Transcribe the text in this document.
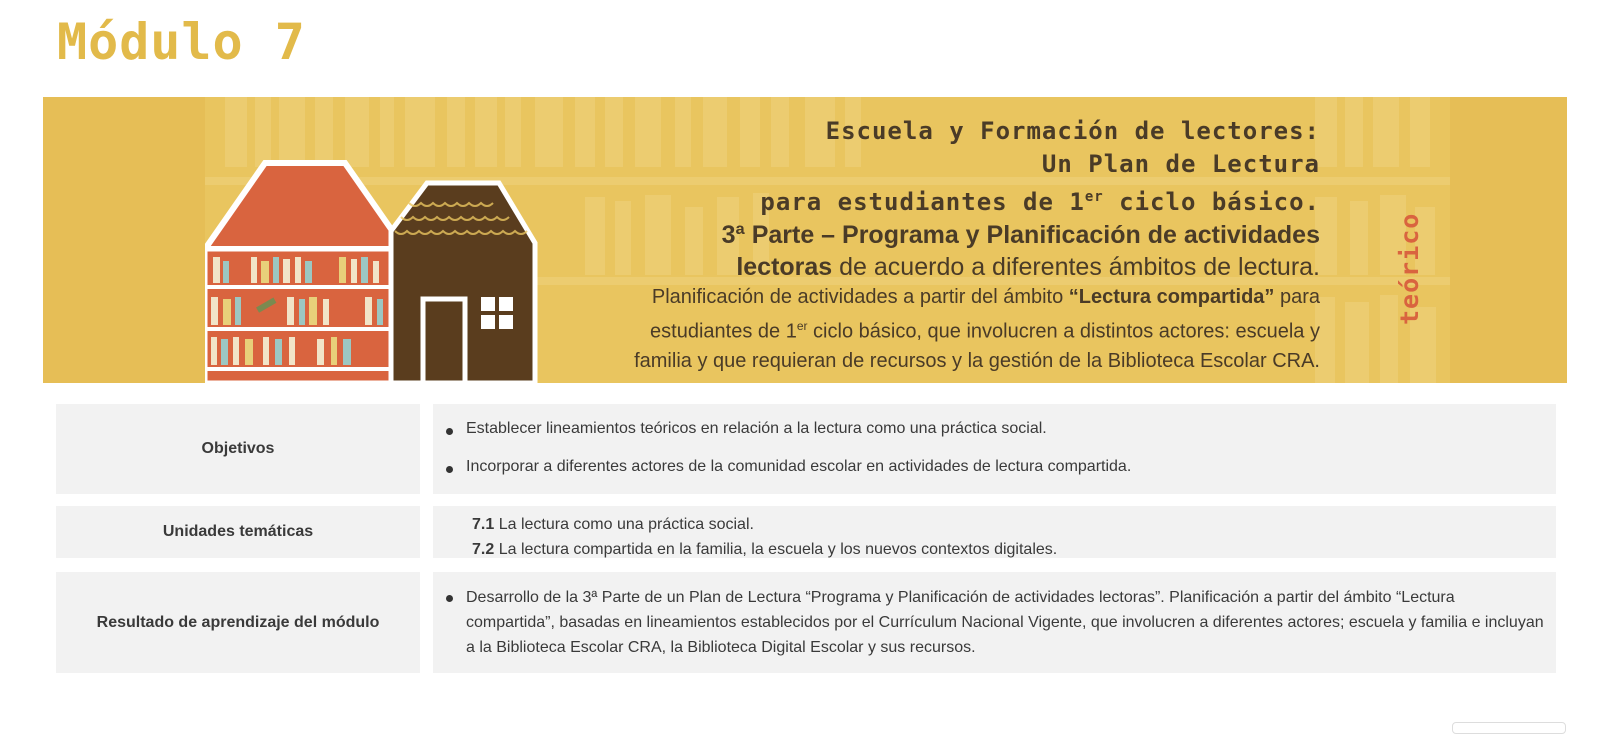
Módulo 7
Escuela y Formación de lectores:
Un Plan de Lectura
para estudiantes de 1er ciclo básico.
3ª Parte – Programa y Planificación de actividades
lectoras de acuerdo a diferentes ámbitos de lectura.
Planificación de actividades a partir del ámbito “Lectura compartida” para
estudiantes de 1er ciclo básico, que involucren a distintos actores: escuela y
familia y que requieran de recursos y la gestión de la Biblioteca Escolar CRA.
teórico
Objetivos
Establecer lineamientos teóricos en relación a la lectura como una práctica social.
Incorporar a diferentes actores de la comunidad escolar en actividades de lectura compartida.
Unidades temáticas	7.1 La lectura como una práctica social.
7.2 La lectura compartida en la familia, la escuela y los nuevos contextos digitales.
Resultado de aprendizaje del módulo
Desarrollo de la 3ª Parte de un Plan de Lectura “Programa y Planificación de actividades lectoras”. Planificación a partir del ámbito “Lectura compartida”, basadas en lineamientos establecidos por el Currículum Nacional Vigente, que involucren a diferentes actores; escuela y familia e incluyan a la Biblioteca Escolar CRA, la Biblioteca Digital Escolar y sus recursos.
